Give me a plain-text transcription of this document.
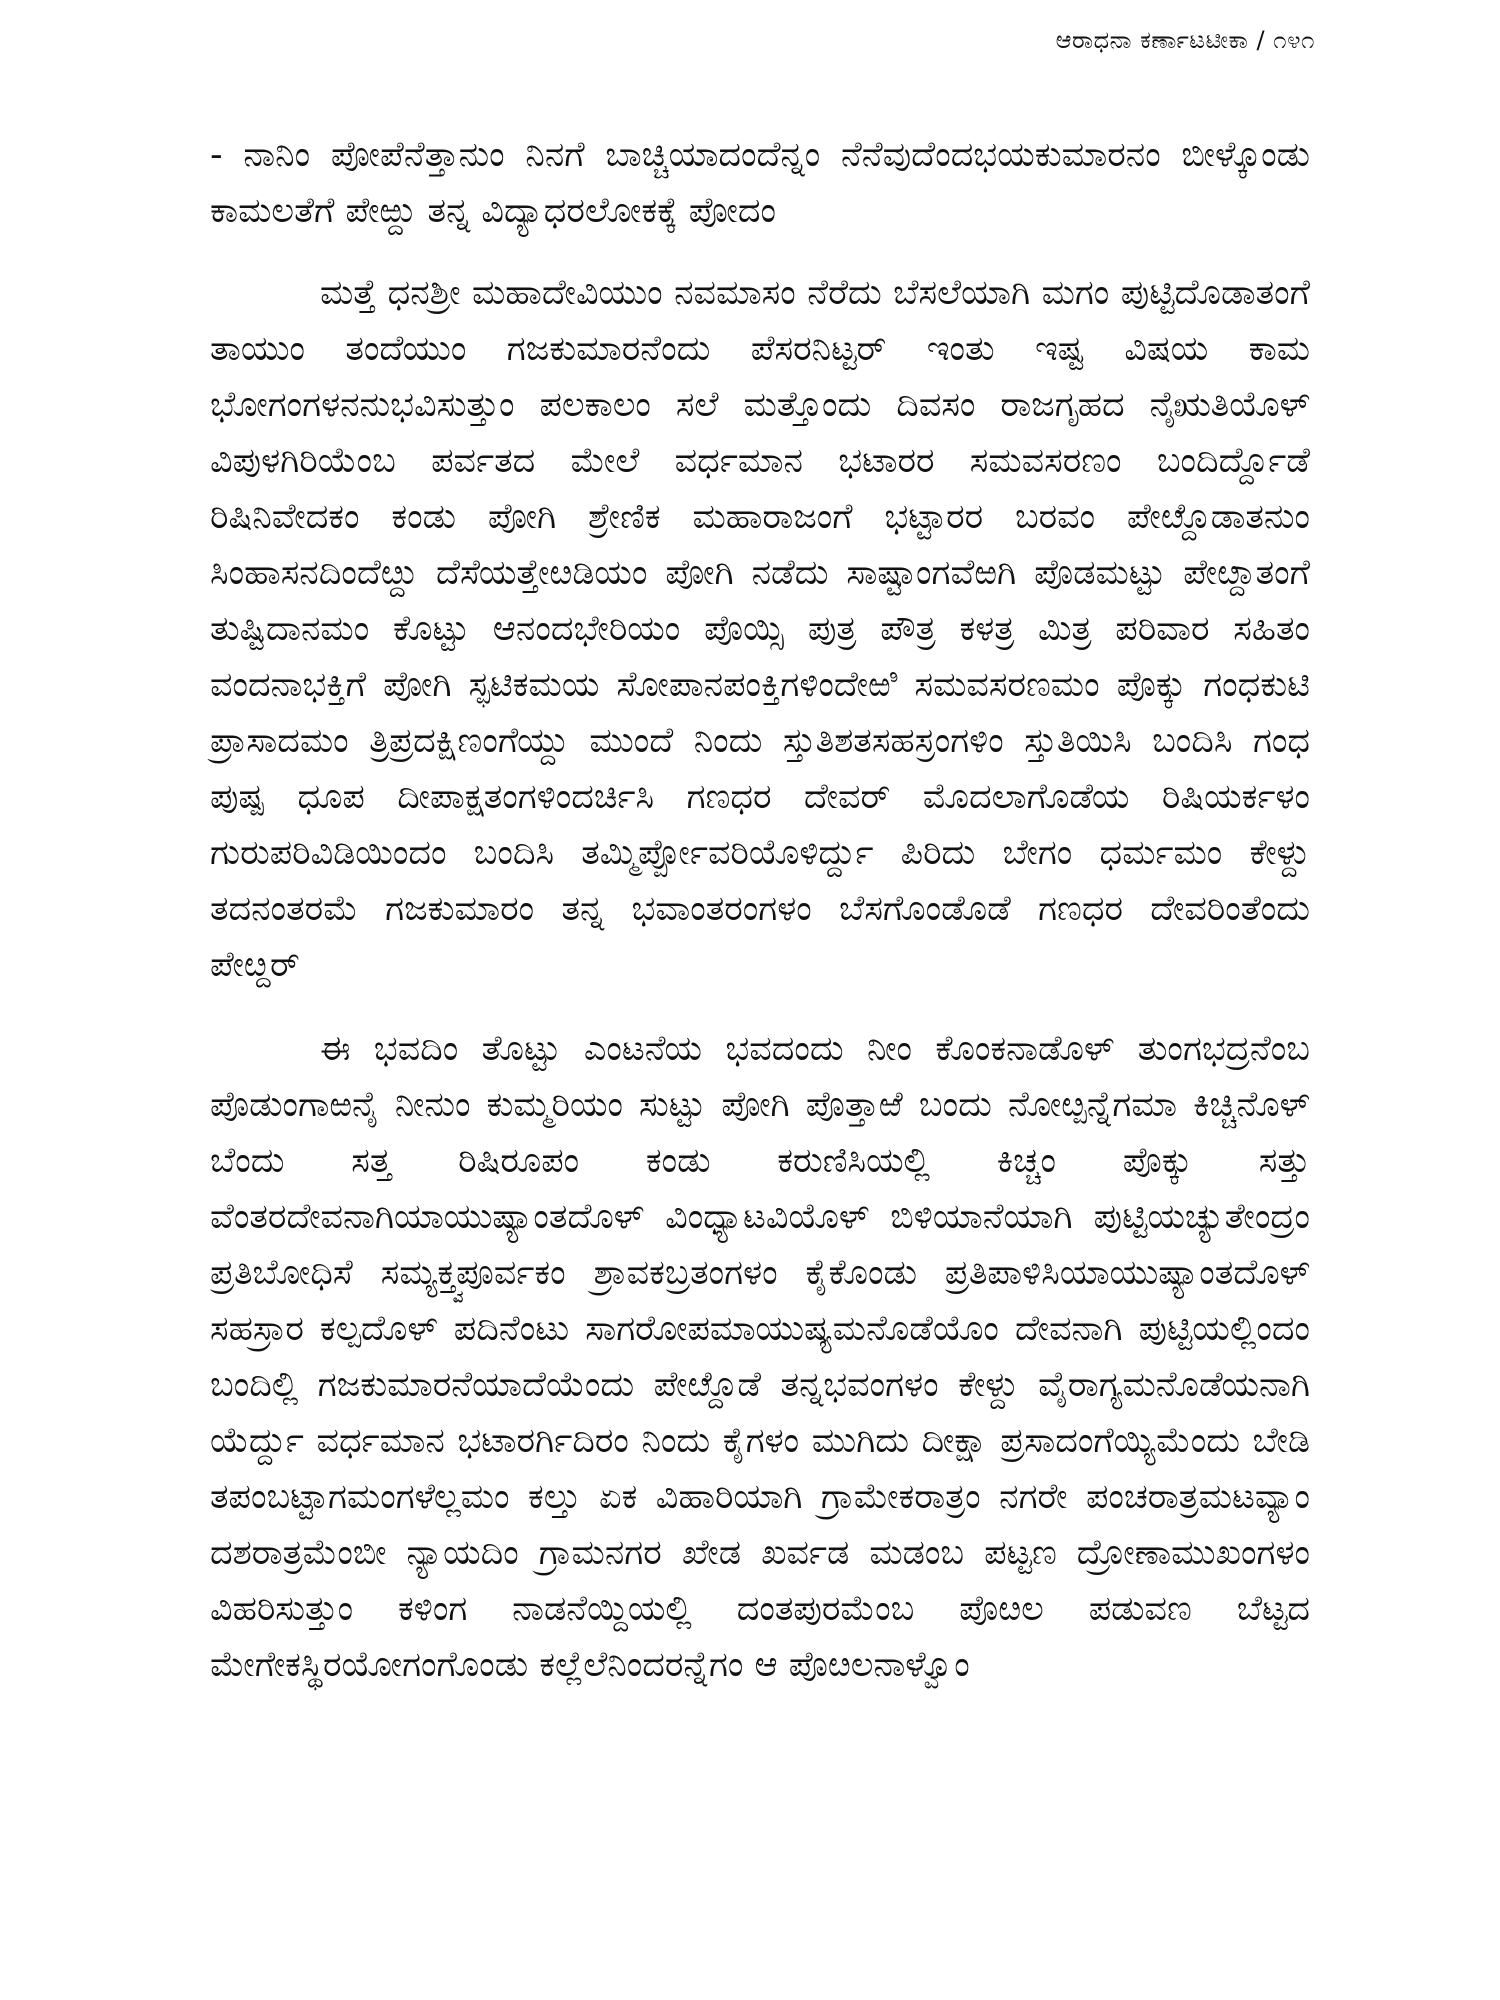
ಆರಾಧನಾ ಕರ್ಣಾಟಟೀಕಾ / ೧೪೧

- ನಾನಿಂ ಪೋಪೆನೆತ್ತಾನುಂ ನಿನಗೆ ಬಾಚ್ಚಿಯಾದಂದೆನ್ನಂ ನೆನೆವುದೆಂದಭಯಕುಮಾರನಂ ಬೀಳ್ಕೊಂಡು ಕಾಮಲತೆಗೆ ಪೇಱ್ದು ತನ್ನ ವಿದ್ಯಾಧರಲೋಕಕ್ಕೆ ಪೋದಂ

ಮತ್ತೆ ಧನಶ್ರೀ ಮಹಾದೇವಿಯುಂ ನವಮಾಸಂ ನೆರೆದು ಬೆಸಲೆಯಾಗಿ ಮಗಂ ಪುಟ್ಟಿದೊಡಾತಂಗೆ ತಾಯುಂ ತಂದೆಯುಂ ಗಜಕುಮಾರನೆಂದು ಪೆಸರನಿಟ್ಟರ್ ಇಂತು ಇಷ್ಟ ವಿಷಯ ಕಾಮ ಭೋಗಂಗಳನನುಭವಿಸುತ್ತುಂ ಪಲಕಾಲಂ ಸಲೆ ಮತ್ತೊಂದು ದಿವಸಂ ರಾಜಗೃಹದ ನೈಋತಿಯೊಳ್ ವಿಪುಳಗಿರಿಯೆಂಬ ಪರ್ವತದ ಮೇಲೆ ವರ್ಧಮಾನ ಭಟಾರರ ಸಮವಸರಣಂ ಬಂದಿರ್ದ್ದೊಡೆ ರಿಷಿನಿವೇದಕಂ ಕಂಡು ಪೋಗಿ ಶ್ರೇಣಿಕ ಮಹಾರಾಜಂಗೆ ಭಟ್ಟಾರರ ಬರವಂ ಪೇೞ್ದೊಡಾತನುಂ ಸಿಂಹಾಸನದಿಂದೆೞ್ದು ದೆಸೆಯತ್ತೇೞಡಿಯಂ ಪೋಗಿ ನಡೆದು ಸಾಷ್ಟಾಂಗವೆಱಗಿ ಪೊಡಮಟ್ಟು ಪೇೞ್ದಾತಂಗೆ ತುಷ್ಟಿದಾನಮಂ ಕೊಟ್ಟು ಆನಂದಭೇರಿಯಂ ಪೊಯ್ಸಿ ಪುತ್ರ ಪೌತ್ರ ಕಳತ್ರ ಮಿತ್ರ ಪರಿವಾರ ಸಹಿತಂ ವಂದನಾಭಕ್ತಿಗೆ ಪೋಗಿ ಸ್ಫಟಿಕಮಯ ಸೋಪಾನಪಂಕ್ತಿಗಳಿಂದೇಱಿ ಸಮವಸರಣಮಂ ಪೊಕ್ಕು ಗಂಧಕುಟಿ ಪ್ರಾಸಾದಮಂ ತ್ರಿಪ್ರದಕ್ಷಿಣಂಗೆಯ್ದು ಮುಂದೆ ನಿಂದು ಸ್ತುತಿಶತಸಹಸ್ರಂಗಳಿಂ ಸ್ತುತಿಯಿಸಿ ಬಂದಿಸಿ ಗಂಧ ಪುಷ್ಪ ಧೂಪ ದೀಪಾಕ್ಷತಂಗಳಿಂದರ್ಚಿಸಿ ಗಣಧರ ದೇವರ್ ಮೊದಲಾಗೊಡೆಯ ರಿಷಿಯರ್ಕಳಂ ಗುರುಪರಿವಿಡಿಯಿಂದಂ ಬಂದಿಸಿ ತಮ್ಮಿರ್ಪ್ಪೋವರಿಯೊಳಿರ್ದ್ದು ಪಿರಿದು ಬೇಗಂ ಧರ್ಮಮಂ ಕೇಳ್ದು ತದನಂತರಮೆ ಗಜಕುಮಾರಂ ತನ್ನ ಭವಾಂತರಂಗಳಂ ಬೆಸಗೊಂಡೊಡೆ ಗಣಧರ ದೇವರಿಂತೆಂದು ಪೇೞ್ದರ್

ಈ ಭವದಿಂ ತೊಟ್ಟು ಎಂಟನೆಯ ಭವದಂದು ನೀಂ ಕೊಂಕನಾಡೊಳ್ ತುಂಗಭದ್ರನೆಂಬ ಪೊಡುಂಗಾಱನೈ ನೀನುಂ ಕುಮ್ಮರಿಯಂ ಸುಟ್ಟು ಪೋಗಿ ಪೊತ್ತಾಱೆ ಬಂದು ನೋೞ್ಪನ್ನೆಗಮಾ ಕಿಚ್ಚಿನೊಳ್ ಬೆಂದು ಸತ್ತ ರಿಷಿರೂಪಂ ಕಂಡು ಕರುಣಿಸಿಯಲ್ಲಿ ಕಿಚ್ಚಂ ಪೊಕ್ಕು ಸತ್ತು ವೆಂತರದೇವನಾಗಿಯಾಯುಷ್ಯಾಂತದೊಳ್ ವಿಂಧ್ಯಾಟವಿಯೊಳ್ ಬಿಳಿಯಾನೆಯಾಗಿ ಪುಟ್ಟಿಯಚ್ಯುತೇಂದ್ರಂ ಪ್ರತಿಬೋಧಿಸೆ ಸಮ್ಯಕ್ತ್ವಪೂರ್ವಕಂ ಶ್ರಾವಕಬ್ರತಂಗಳಂ ಕೈಕೊಂಡು ಪ್ರತಿಪಾಳಿಸಿಯಾಯುಷ್ಯಾಂತದೊಳ್ ಸಹಸ್ರಾರ ಕಲ್ಪದೊಳ್ ಪದಿನೆಂಟು ಸಾಗರೋಪಮಾಯುಷ್ಯಮನೊಡೆಯೊಂ ದೇವನಾಗಿ ಪುಟ್ಟಿಯಲ್ಲಿಂದಂ ಬಂದಿಲ್ಲಿ ಗಜಕುಮಾರನೆಯಾದೆಯೆಂದು ಪೇೞ್ದೊಡೆ ತನ್ನಭವಂಗಳಂ ಕೇಳ್ದು ವೈರಾಗ್ಯಮನೊಡೆಯನಾಗಿ ಯೆರ್ದ್ದು ವರ್ಧಮಾನ ಭಟಾರರ್ಗಿದಿರಂ ನಿಂದು ಕೈಗಳಂ ಮುಗಿದು ದೀಕ್ಷಾ ಪ್ರಸಾದಂಗೆಯ್ಯಿಮೆಂದು ಬೇಡಿ ತಪಂಬಟ್ಟಾಗಮಂಗಳೆಲ್ಲಮಂ ಕಲ್ತು ಏಕ ವಿಹಾರಿಯಾಗಿ ಗ್ರಾಮೇಕರಾತ್ರಂ ನಗರೇ ಪಂಚರಾತ್ರಮಟವ್ಯಾಂ ದಶರಾತ್ರಮೆಂಬೀ ನ್ಯಾಯದಿಂ ಗ್ರಾಮನಗರ ಖೇಡ ಖರ್ವಡ ಮಡಂಬ ಪಟ್ಟಣ ದ್ರೋಣಾಮುಖಂಗಳಂ ವಿಹರಿಸುತ್ತುಂ ಕಳಿಂಗ ನಾಡನೆಯ್ದಿಯಲ್ಲಿ ದಂತಪುರಮೆಂಬ ಪೊೞಲ ಪಡುವಣ ಬೆಟ್ಟದ ಮೇಗೇಕಸ್ಥಿರಯೋಗಂಗೊಂಡು ಕಲ್ಲೆಲೆನಿಂದರನ್ನೆಗಂ ಆ ಪೊೞಲನಾಳ್ವೊಂ
